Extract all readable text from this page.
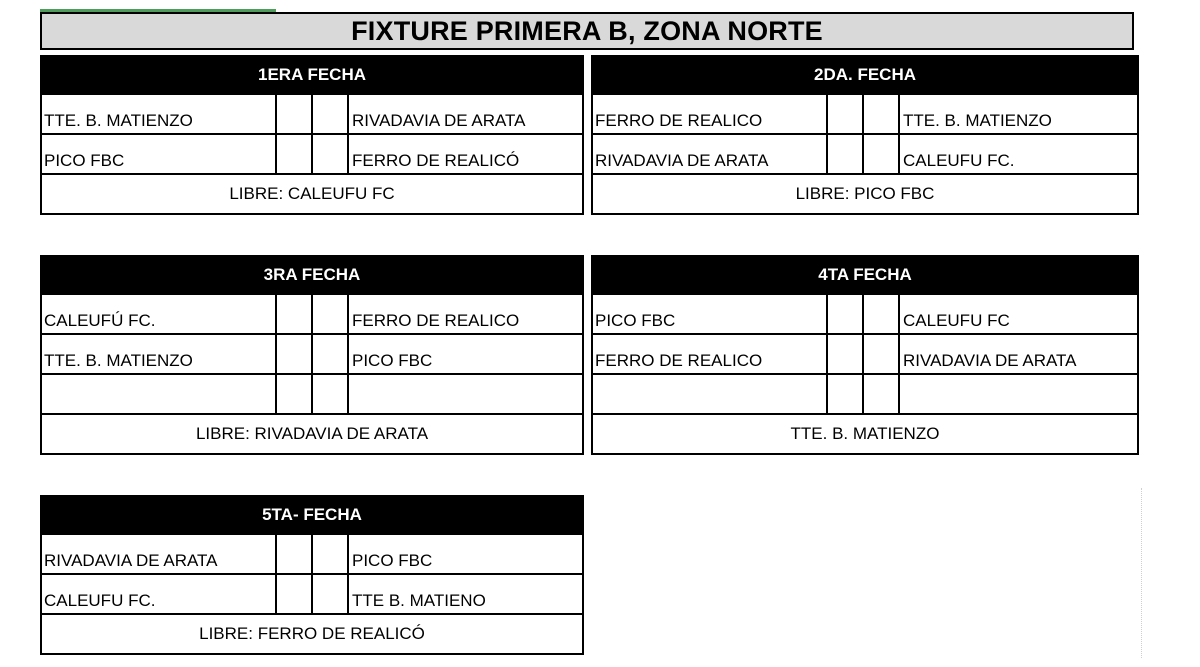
FIXTURE PRIMERA B, ZONA NORTE
1ERA FECHA
TTE. B. MATIENZO	RIVADAVIA DE ARATA
PICO FBC	FERRO DE REALICÓ
LIBRE: CALEUFU FC
2DA. FECHA
FERRO DE REALICO	TTE. B. MATIENZO
RIVADAVIA DE ARATA	CALEUFU FC.
LIBRE: PICO FBC
3RA FECHA
CALEUFÚ FC.	FERRO DE REALICO
TTE. B. MATIENZO	PICO FBC
LIBRE: RIVADAVIA DE ARATA
4TA FECHA
PICO FBC	CALEUFU FC
FERRO DE REALICO	RIVADAVIA DE ARATA
TTE. B. MATIENZO
5TA- FECHA
RIVADAVIA DE ARATA	PICO FBC
CALEUFU FC.	TTE B. MATIENO
LIBRE: FERRO DE REALICÓ
